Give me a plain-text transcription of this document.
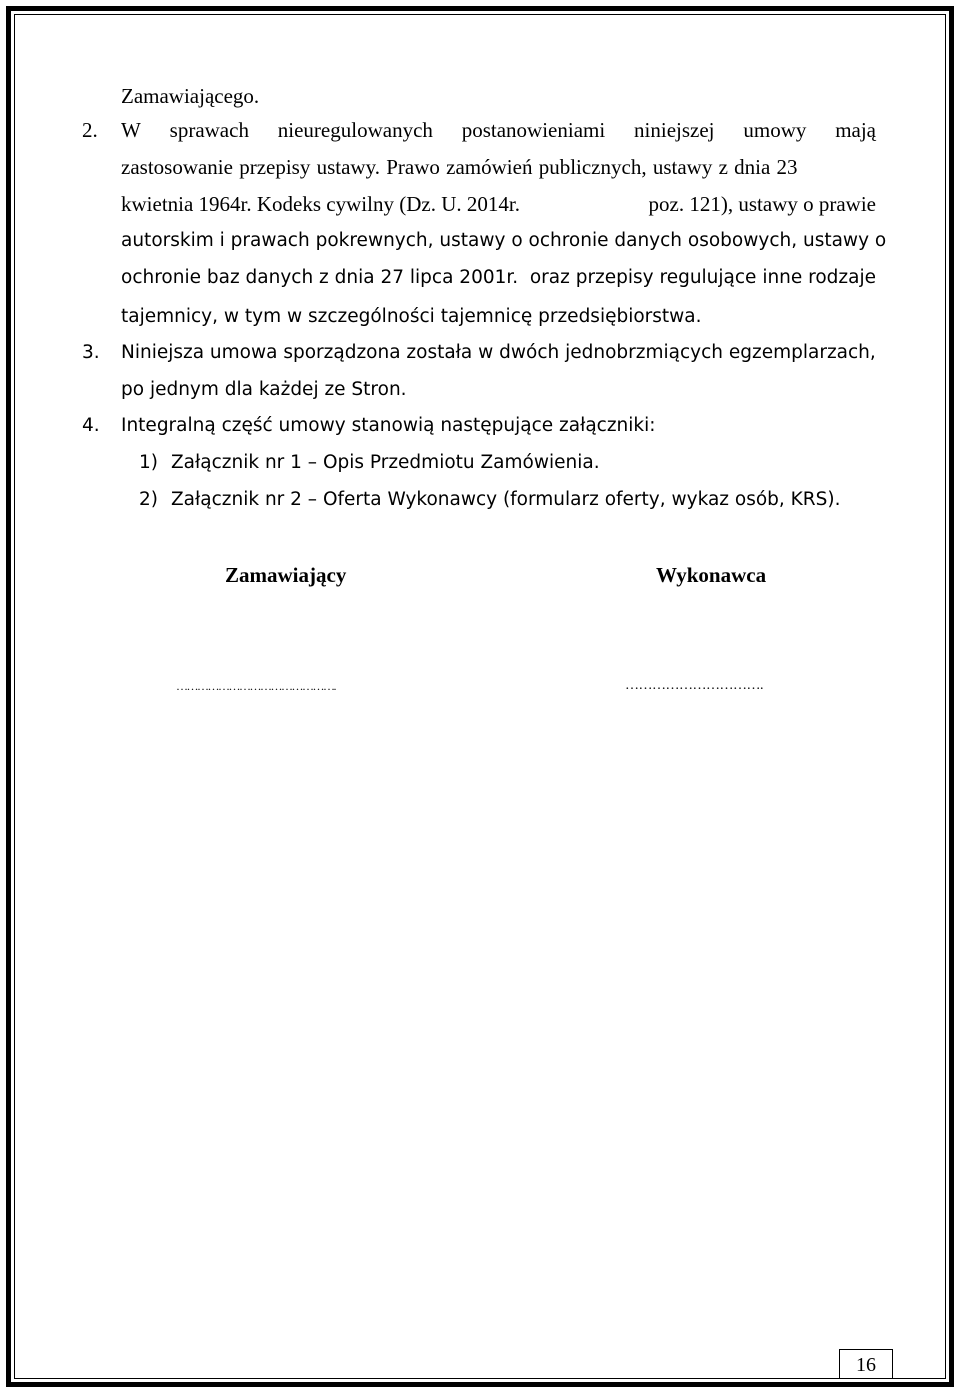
Zamawiającego.
2. W sprawach nieuregulowanych postanowieniami niniejszej umowy mają
zastosowanie przepisy ustawy. Prawo zamówień publicznych, ustawy z dnia 23
kwietnia 1964r. Kodeks cywilny (Dz. U. 2014r.	poz. 121), ustawy o prawie
autorskim i prawach pokrewnych, ustawy o ochronie danych osobowych, ustawy o
ochronie baz danych z dnia 27 lipca 2001r. oraz przepisy regulujące inne rodzaje
tajemnicy, w tym w szczególności tajemnicę przedsiębiorstwa.
3. Niniejsza umowa sporządzona została w dwóch jednobrzmiących egzemplarzach,
po jednym dla każdej ze Stron.
4. Integralną część umowy stanowią następujące załączniki:
1) Załącznik nr 1 – Opis Przedmiotu Zamówienia.
2) Załącznik nr 2 – Oferta Wykonawcy (formularz oferty, wykaz osób, KRS).
Zamawiający	Wykonawca
……………………………………….	………………………….
16
